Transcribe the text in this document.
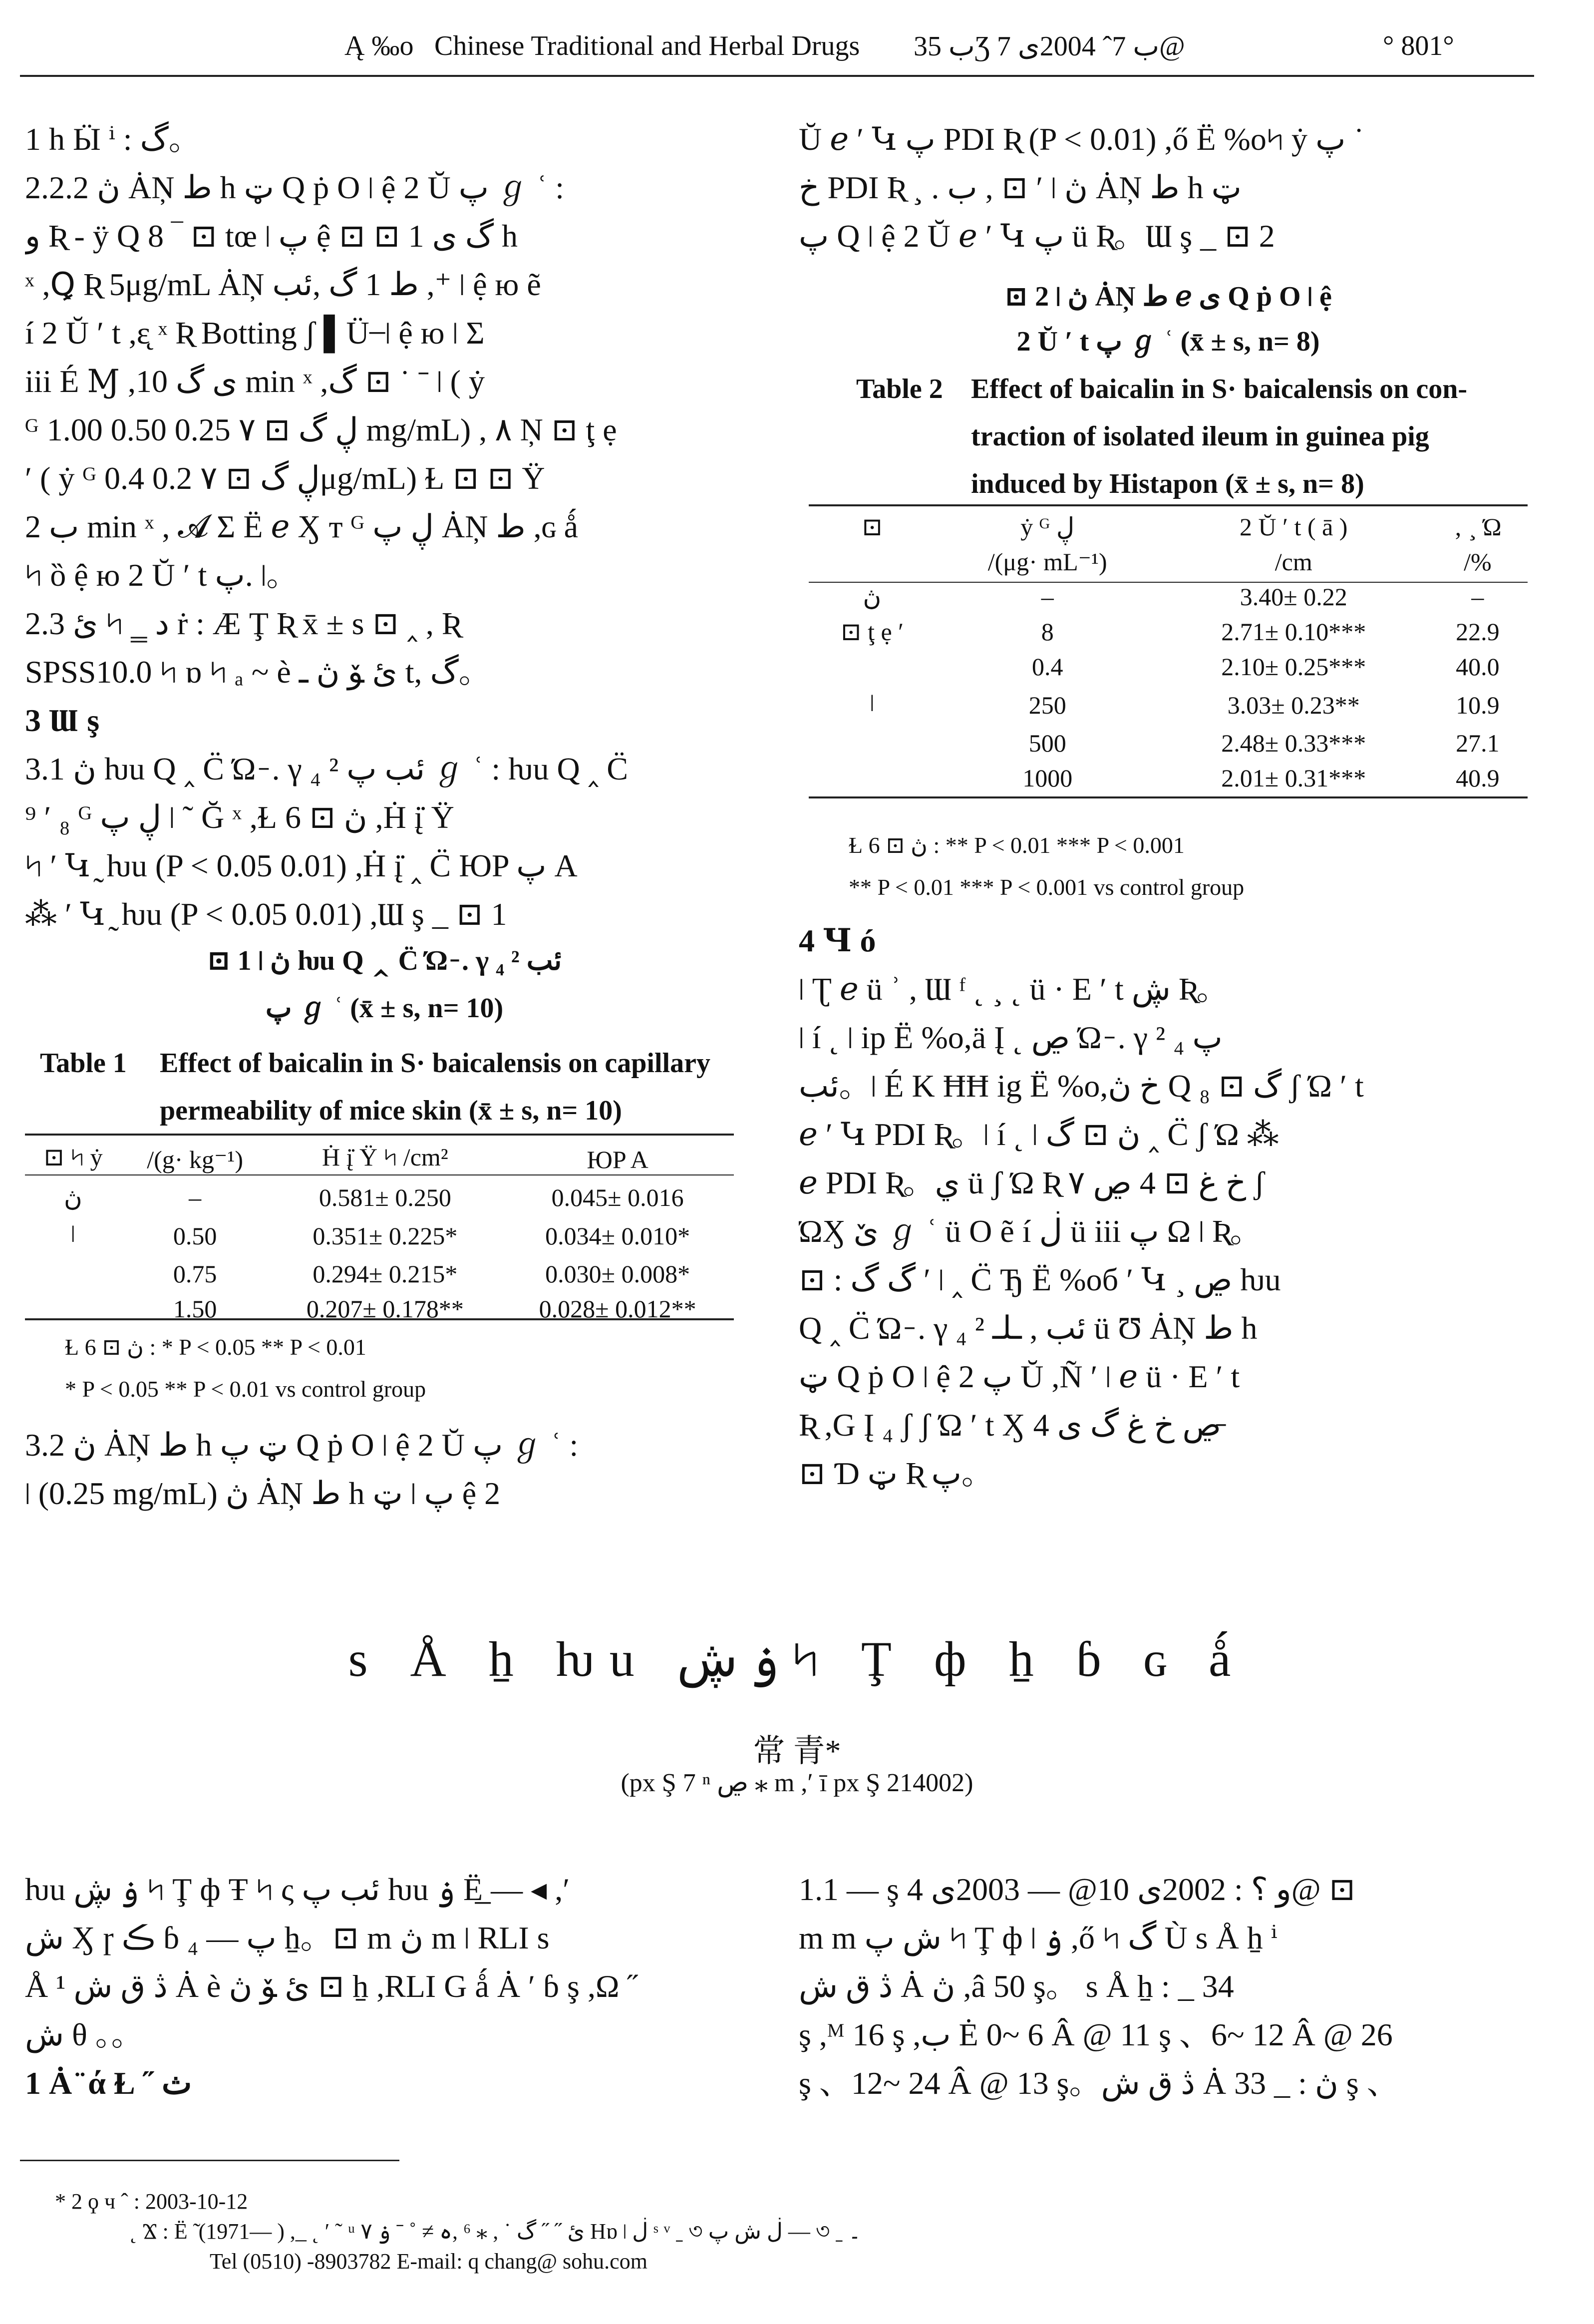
Ą ‰o Chinese Traditional and Herbal Drugs ب 35Ʒ ب 7ˆ 2004ى 7@	° 801°

1 h Ӹ ⁱ : گ。

2.2.2 ڽ ȦŅ ط h ټ Q ṗ O ৷ ệ 2 Ŭ پ ℊ ʿ :

و Ʀ - ÿ Q 8 ‾ ⊡ tœ ৷ پ ệ ⊡ ⊡ گ ى 1 h

ˣ ,Ꝗ Ʀ 5μg/mL ȦŅ ط 1 گ ,ئب ,⁺ ৷ ệ ю ẽ

í 2 Ŭ ʹ t ,ɛ̨ ˣ Ʀ Botting ʃ ▌Ü ̶ ৷ ệ ю ৷ Σ

iii É Ɱ ,ى گ 10 min ˣ ,گ ⊡ ˙ ˉ ৷ ( ẏ

ᴳ ڸ گ ⊡ ۷ 0.25 0.50 1.00 mg/mL) , ۸ Ņ ⊡ ţ ẹ

ʹ ( ẏ ᴳ ڸ گ ⊡ ۷ 0.2 0.4μg/mL) Ɫ ⊡ ⊡ Ÿ

ب 2 min ˣ , 𝓐 Σ Ë ℯ Ӽ т ᴳ ڸ پ ȦŅ ط ,ɢ ǻ

৸ ȍ ệ ю 2 Ŭ ʹ t پ. ৷。

2.3 ئ ৸ ‗ د ṙ : Æ Ţ Ʀ x̄ ± s ⊡ ‸ , Ʀ

SPSS10.0 ৸ ɒ ৸ ₐ ~ è ئ ﯚ ڽ ـ t, گ。

3 Ɯ ş

3.1 ڽ ƕu Q ‸ C̈ Ώ ̵ . γ ₄ ² ئب پ ℊ ʿ : ƕu Q ‸ C̈

⁹ ʹ ₈ ᴳ ڸ پ ৷ ˜ Ğ ˣ ,Ɫ ڽ ⊡ 6 ,Ḣ į̇ Ÿ

৸ ʹ Կ ̰ ƕu (P < 0.05 0.01) ,Ḣ į̇ ‸ C̈ ЮP پ A

⁂ ʹ Կ ̰ ƕu (P < 0.05 0.01) ,Ɯ ş _ ⊡ 1

⊡ 1 ৷ ڽ ƕu Q ‸ C̈ Ώ ̵ . γ ₄ ² ئب
پ ℊ ʿ (x̄ ± s, n= 10)
Table 1 Effect of baicalin in S· baicalensis on capillary
permeability of mice skin (x̄ ± s, n= 10)
⊡ ৸ ẏ	/(g· kg⁻¹)	Ḣ į̇ Ÿ ৸ /cm²	ЮP A
ڽ	–	0.581± 0.250	0.045± 0.016
৷	0.50	0.351± 0.225*	0.034± 0.010*
	0.75	0.294± 0.215*	0.030± 0.008*
	1.50	0.207± 0.178**	0.028± 0.012**
Ɫ ڽ ⊡ 6 : * P < 0.05 ** P < 0.01
* P < 0.05 ** P < 0.01 vs control group

3.2 ڽ ȦŅ ط h ټ پ Q ṗ O ৷ ệ 2 Ŭ پ ℊ ʿ :

৷ (0.25 mg/mL) ڽ ȦŅ ط h ټ ৷ پ ệ 2

Ŭ ℯ ʹ Կ پ PDI Ʀ (P < 0.01) ,ő Ë %o৸ ẏ پ ˙

خ PDI Ʀ ¸ . ب , ⊡ ʹ ৷ ڽ ȦŅ ط h ټ

پ Q ৷ ệ 2 Ŭ ℯ ʹ Կ پ ü Ʀ。Ɯ ş _ ⊡ 2

⊡ 2 ৷ ڽ ȦŅ ط ℯ ى Q ṗ O ৷ ệ
2 Ŭ ʹ t پ ℊ ʿ (x̄ ± s, n= 8)
Table 2 Effect of baicalin in S· baicalensis on con-
traction of isolated ileum in guinea pig
induced by Histapon (x̄ ± s, n= 8)
⊡	ẏ ᴳ ڸ	2 Ŭ ʹ t ( ā )	‚ ¸ Ώ
	/(μg· mL⁻¹)	/cm	/%
ڽ	–	3.40± 0.22	–
⊡ ţ ẹ ʹ	8	2.71± 0.10***	22.9
	0.4	2.10± 0.25***	40.0
৷	250	3.03± 0.23**	10.9
	500	2.48± 0.33***	27.1
	1000	2.01± 0.31***	40.9
Ɫ ڽ ⊡ 6 : ** P < 0.01 *** P < 0.001
** P < 0.01 *** P < 0.001 vs control group

4 Ɥ ó

৷ Ʈ ℯ ü ʾ , Ɯ ᶠ ˛ ¸ ˛ ü · E ʹ t ڜ Ʀ。

৷ í ˛ ৷ ip Ë %o,ä Į ˛ ڝ Ώ ̵ . γ پ ₄ ²

ئب。৷ É K ĦĦ ig Ë %o,خ ڽ Q ₈ ⊡ گ ʃ Ώ ʹ t

ℯ ʹ Կ PDI Ʀ。৷ í ˛ ৷ ڽ ⊡ گ ‸ C̈ ʃ Ώ ⁂

ℯ PDI Ʀ。ي ü ʃ Ώ Ʀ ۷ خ غ ⊡ 4 ڝ ʃ

ΏӼ ێ ℊ ʿ ü O ẽ í ڶ ü iii پ Ω ৷ Ʀ。

⊡ : گ گ ʹ ৷ ‸ C̈ Ђ Ë %oб ʹ Կ ¸ ڝ ƕu

Q ‸ C̈ Ώ ̵ . γ ₄ ² ئب , ـلـ ü Ʊ ȦŅ ط h

ټ Q ṗ O ৷ ệ پ 2 Ŭ ,Ñ ʹ ৷ ℯ ü · E ʹ t

Ʀ ,G Į ₄ ʃ ʃ Ώ ʹ t Ӽ 4 ڝ خ غ گ ى ̵

⊡ Ɗ ټ Ʀ پ。

s Å ẖ ƕu ۏ ڜ ৸ Ţ ф ẖ ɓ ɢ ǻ
常 青*
(px Ş 7 ⁿ ڝ ⁎ m ,ʹ ī px Ş 214002)

ƕu ۏ ڜ ৸ Ţ ф Ŧ ৸ ς ئب پ ƕu ۏ Ë̲ — ◂ ,ʹ

ش Ӽ ɼ ڪ ɓ پ — ₄ ẖ。⊡ m ڽ m ৷ RLI s

Å ¹ ڎ ق ش Ȧ è ئ ﯚ ڽ ⊡ ẖ ,RLI G ǻ Ȧ ʹ ɓ ş ,Ω ˝

ش θ 。。

1 Ȧ ̈ ά Ɫ ˝ ث

1.1 — ş و ؟ : 2002ى 10@ — 2003ى 4@ ⊡

m m ش پ ৸ Ţ ф ৷ ۏ ,ő ৸ گ Ù s Å ẖ ⁱ

ڎ ق ش Ȧ ڽ ,â 50 ş。 s Å ẖ : _ 34

ş ,ᴹ 16 ş ,ب Ė 0~ 6 Â @ 11 ş 、6~ 12 Â @ 26

ş 、12~ 24 Â @ 13 ş。ڎ ق ش Ȧ ڽ : _ 33 ş 、

* 2 ϙ ч ˆ : 2003-10-12
˛ Ϫ : Ë ̃ (1971— ) ,_ ˛ ʹ ˜ ᵘ ئ ˝ ˝ گ ˙ , ⁎ ⁶ ,ہ ≠ ˚ ˉ ۏ ۷ Hɒ ৷ ڶ ˢ ᵛ ˍ ৩ ڶ ش پ — ৩ ˍ ۔
Tel (0510) -8903782 E-mail: q chang@ sohu.com
